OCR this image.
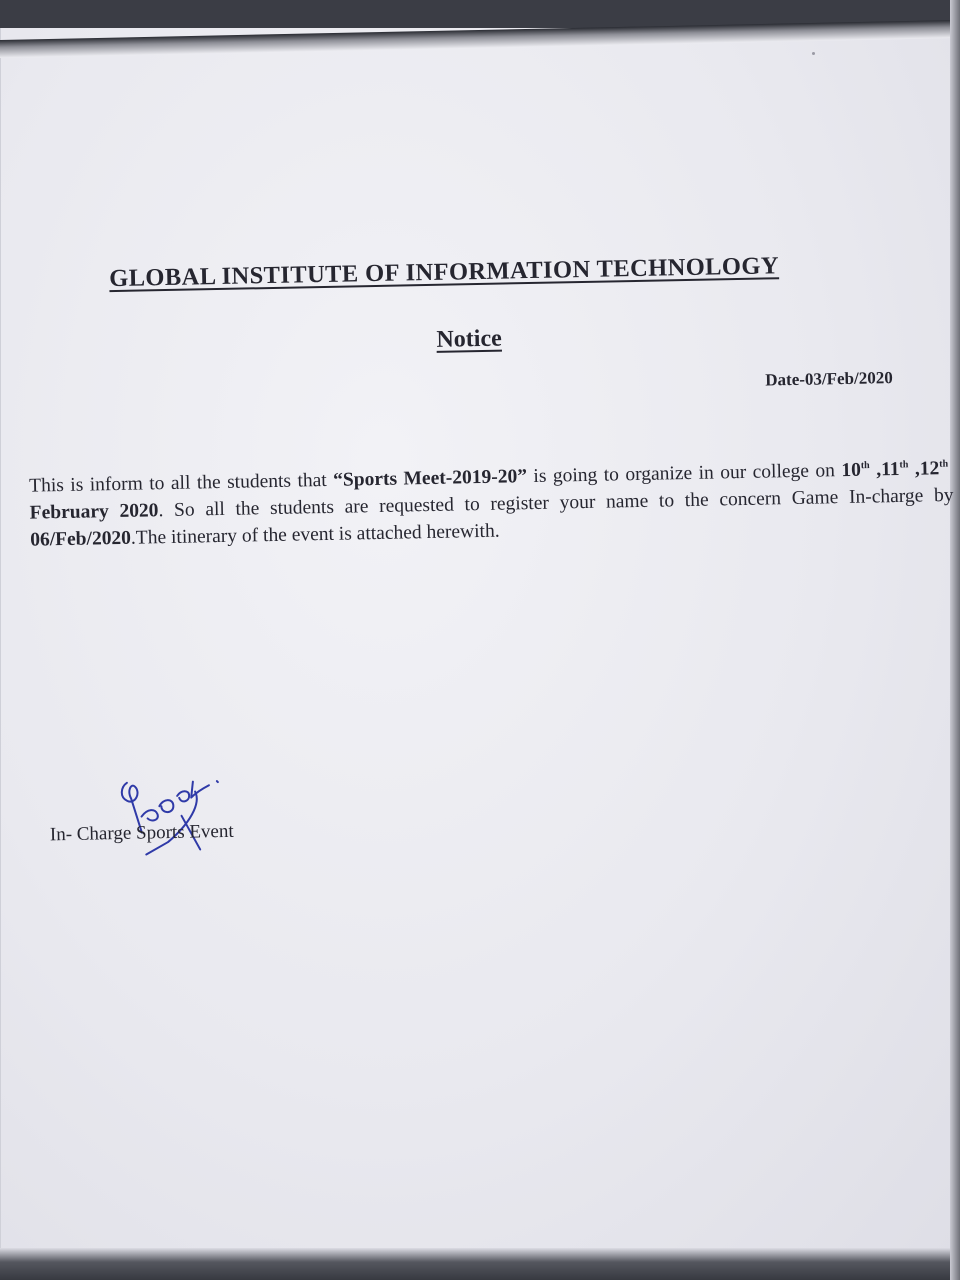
GLOBAL INSTITUTE OF INFORMATION TECHNOLOGY
Notice
Date-03/Feb/2020
This is inform to all the students that “Sports Meet-2019-20” is going to organize in our college on 10th ,11th ,12th  February 2020. So all the students are requested to register your name to the concern Game In-charge by 06/Feb/2020.The itinerary of the event is attached herewith.
In- Charge Sports Event
